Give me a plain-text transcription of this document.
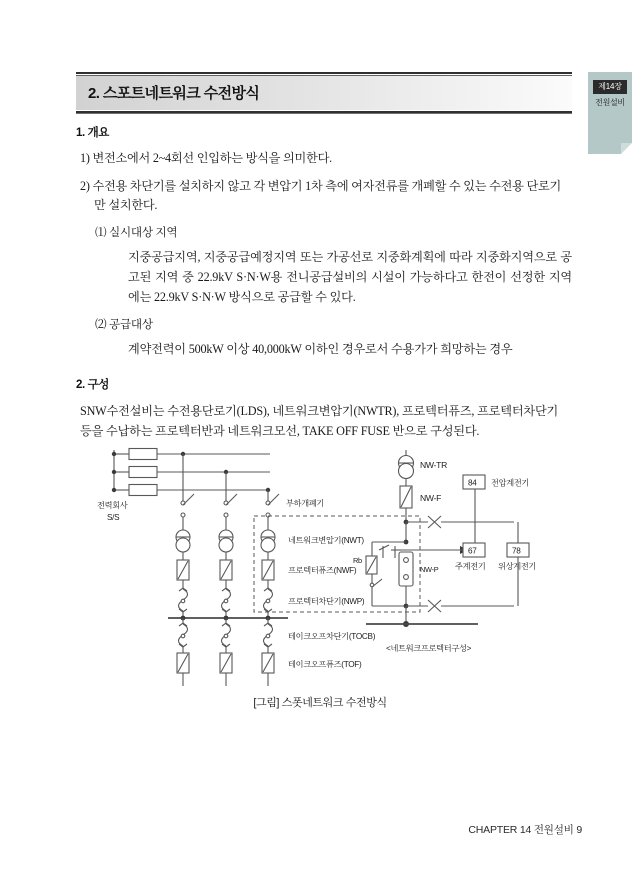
제14장
전원설비
2. 스포트네트워크 수전방식
1. 개요

1) 변전소에서 2~4회선 인입하는 방식을 의미한다.

2) 수전용 차단기를 설치하지 않고 각 변압기 1차 측에 여자전류를 개폐할 수 있는 수전용 단로기만 설치한다.

⑴ 실시대상 지역

지중공급지역, 지중공급예정지역 또는 가공선로 지중화계획에 따라 지중화지역으로 공고된 지역 중 22.9kV S·N·W용 전니공급설비의 시설이 가능하다고 한전이 선정한 지역에는 22.9kV S·N·W 방식으로 공급할 수 있다.

⑵ 공급대상

계약전력이 500kW 이상 40,000kW 이하인 경우로서 수용가가 희망하는 경우

2. 구성

SNW수전설비는 수전용단로기(LDS), 네트워크변압기(NWTR), 프로텍터퓨즈, 프로텍터차단기 등을 수납하는 프로텍터반과 네트워크모선, TAKE OFF FUSE 반으로 구성된다.

전력회사
S/S
부하개폐기
네트워크변압기(NWT)
프로텍터퓨즈(NWF)
프로텍터차단기(NWP)
테이크오프차단기(TOCB)
테이크오프퓨즈(TOF)
NW-TR
NW-F
Rb
NW-P
84 전압계전기
67
주계전기
78
위상계전기
<네트워크프로텍터구성>
[그림] 스폿네트워크 수전방식
CHAPTER 14 전원설비 9
